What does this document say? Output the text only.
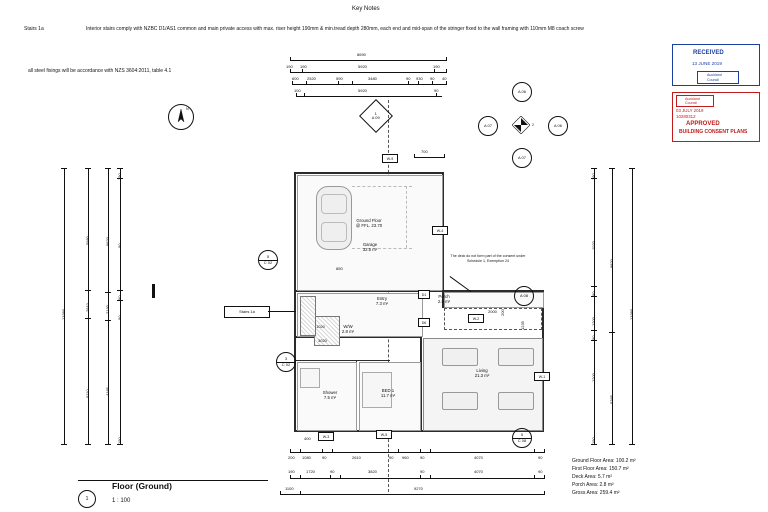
Key Notes
Stairs 1a	Interior stairs comply with NZBC D1/AS1 common and main private access with max. riser height 190mm & min.tread depth 280mm, each end and mid-span of the stringer fixed to the wall framing with 110mm M8 coach screw
all steel fixings will be accordance with NZS 3604:2011, table 4.1
RECEIVED
13 JUNE 2019
Auckland
Council
Auckland
Council
03 JULY 2019
10280312
APPROVED
BUILDING CONSENT PLANS
N
8690
190 190	5920	190
600 2520	590	3480	90 930 90 40
100	5920	90
700
13380
5980
2910
9110
9620
2130
4185
190
90
90
90
190
13380
8820
5265
190
1020
90
1200
90
1200
190
200
1235
200 1080	90	2610	90 960	90	4070	90
190	1720	90	3820	90	4070	90
1100	9270
Ground Floor
@ FFL. 23.70
Garage
32.5 m²
Entry
7.3 m²
Porch
2.8 m²
W/W
2.8 m²
Living
21.3 m²
Shower
7.5 m²
BED 1
11.7 m²
850
1020
3020
2000
400
The deck do not form part of the consent under Schedule 1, Exemption 24
Stairs 1a
5
C 02
3
C 02
5
C 08
1
A 09
A 06
A 07	A 06
A 07
A 08
2
W-9
W-4
W-2
W-1
W-3	W-5
D1
D6
1
Floor (Ground)
1 : 100
Ground Floor Area: 100.2 m²
First Floor Area: 150.7 m²
Deck Area: 5.7 m²
Porch Area: 2.8 m²
Gross Area: 259.4 m²
